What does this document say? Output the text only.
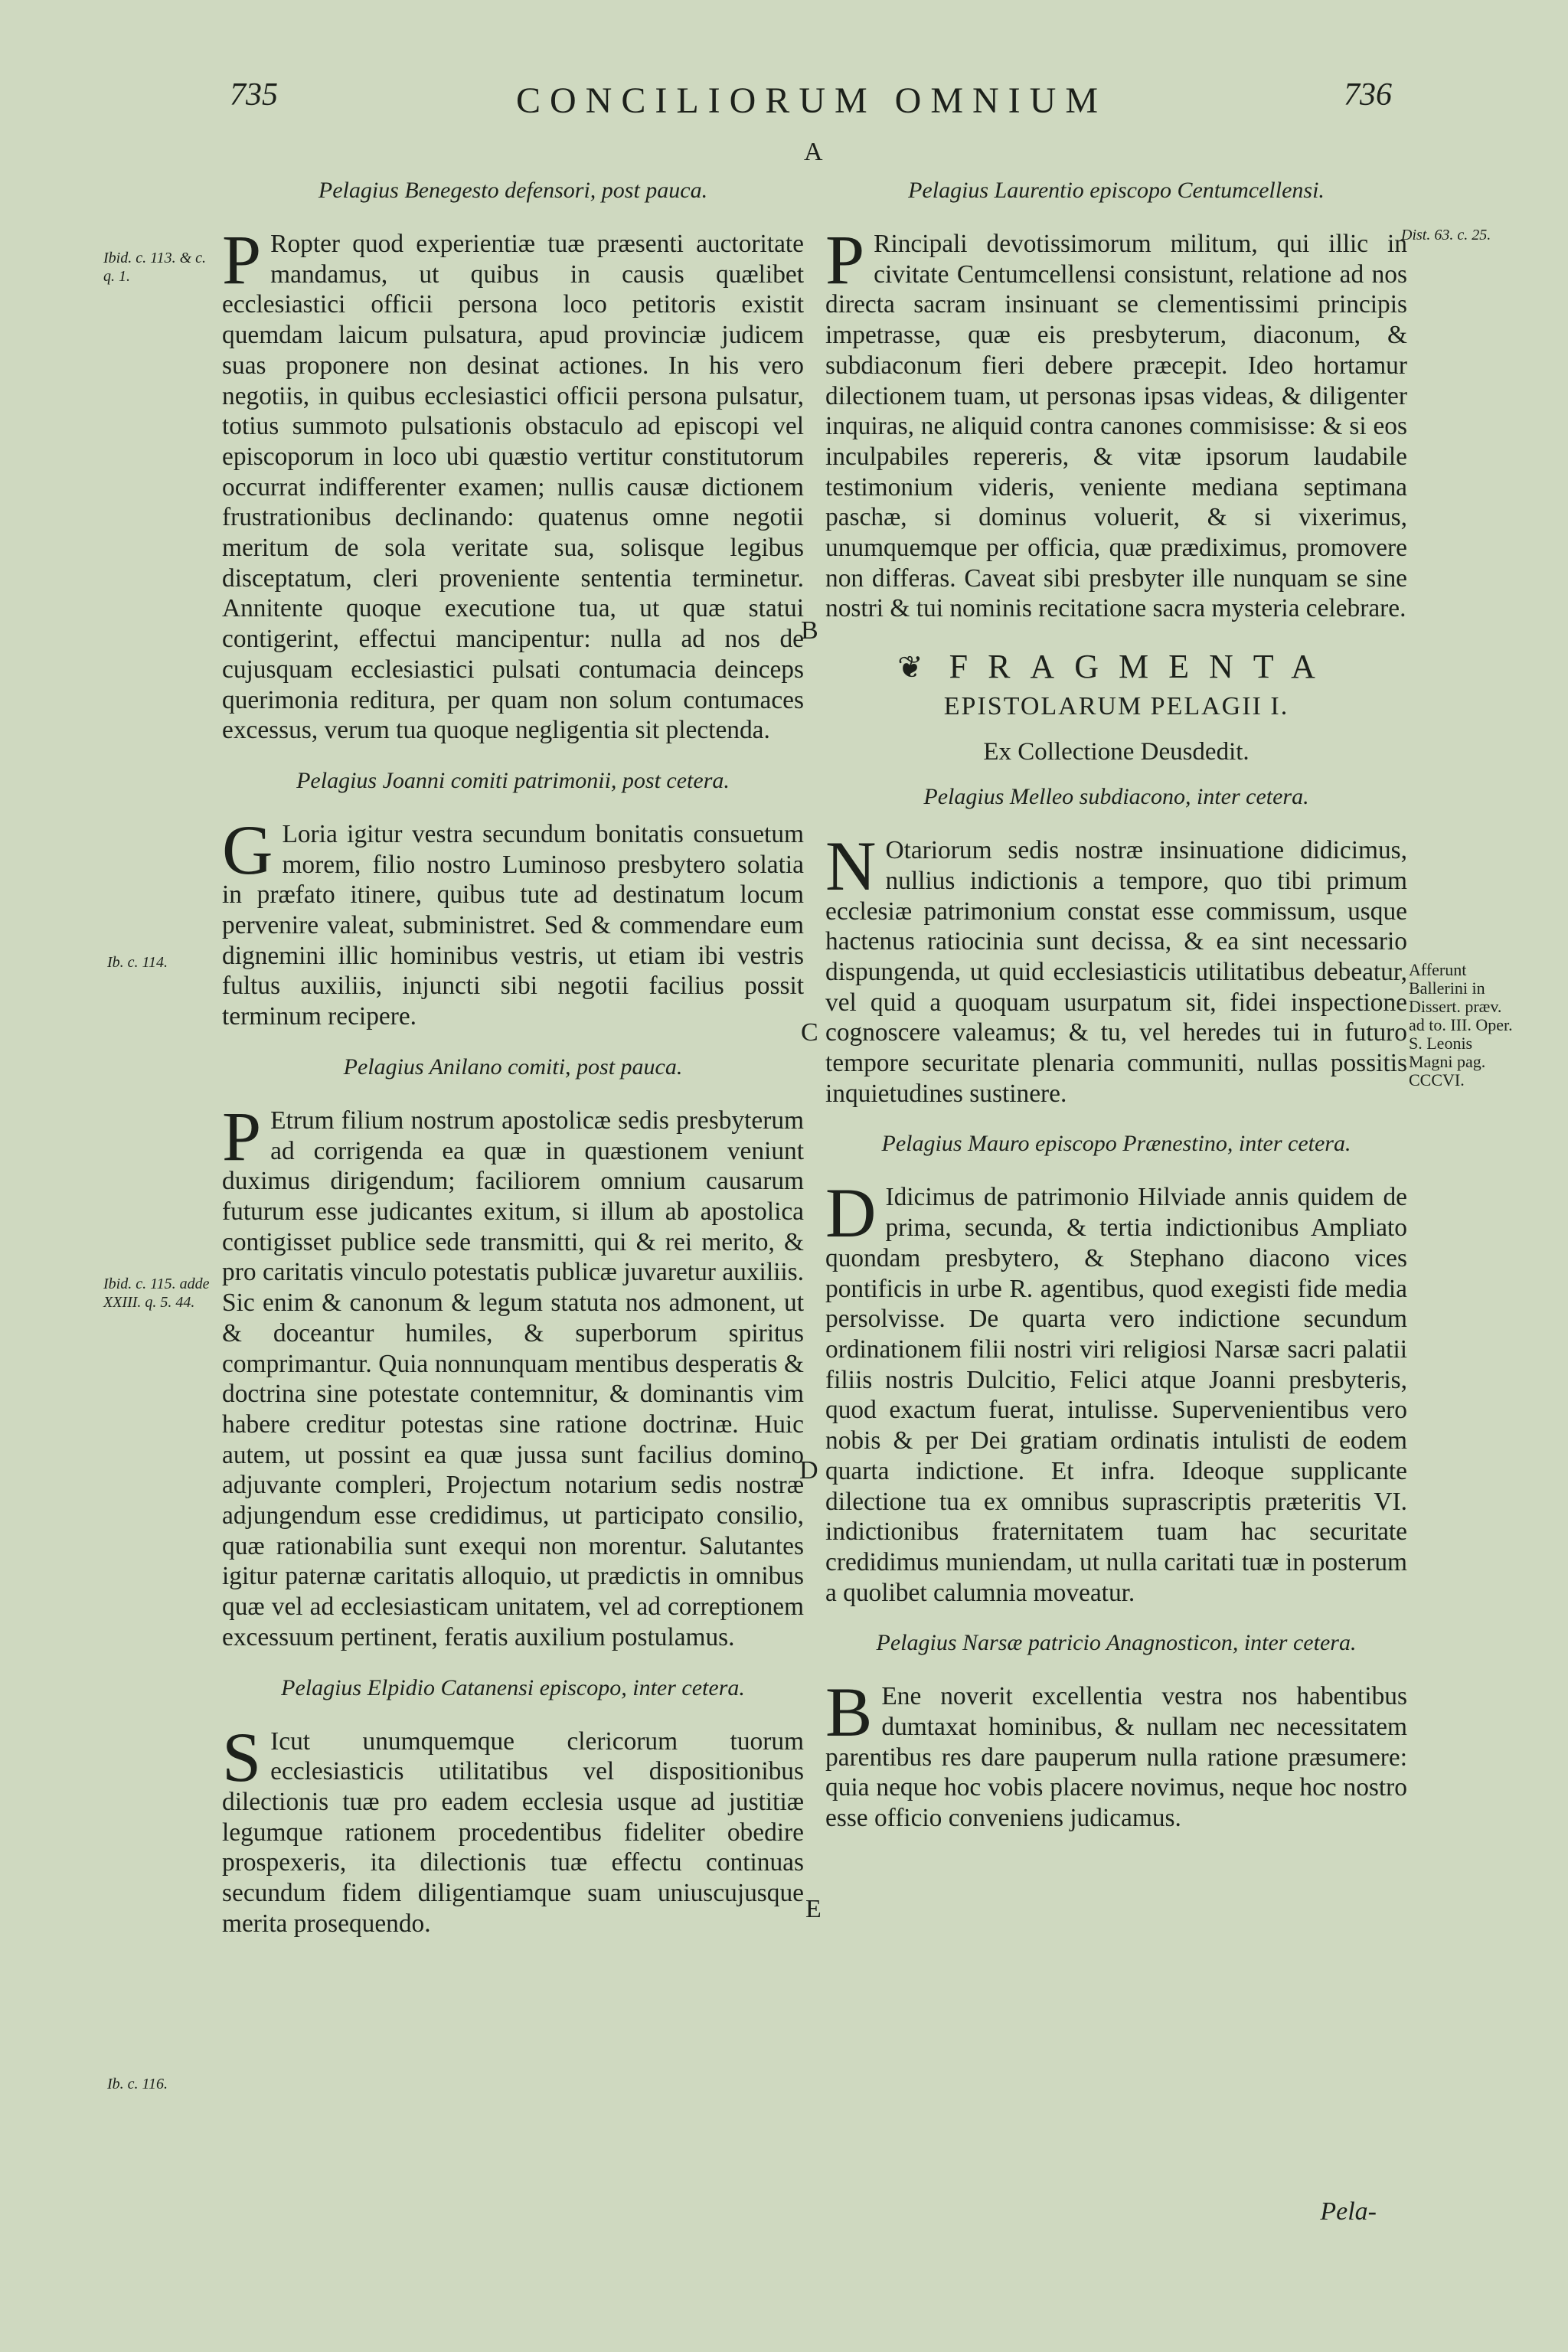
735	CONCILIORUM OMNIUM	736
A
B
C
D
E
Ibid. c. 113. & c. q. 1.
Ib. c. 114.
Ibid. c. 115. adde XXIII. q. 5. 44.
Ib. c. 116.
Dist. 63. c. 25.
Afferunt Ballerini in Dissert. præv. ad to. III. Oper. S. Leonis Magni pag. CCCVI.
Pelagius Benegesto defensori, post pauca.

P Ropter quod experientiæ tuæ præsenti auctoritate mandamus, ut quibus in causis quælibet ecclesiastici officii persona loco petitoris existit quemdam laicum pulsatura, apud provinciæ judicem suas proponere non desinat actiones. In his vero negotiis, in quibus ecclesiastici officii persona pulsatur, totius summoto pulsationis obstaculo ad episcopi vel episcoporum in loco ubi quæstio vertitur constitutorum occurrat indifferenter examen; nullis causæ dictionem frustrationibus declinando: quatenus omne negotii meritum de sola veritate sua, solisque legibus disceptatum, cleri proveniente sententia terminetur. Annitente quoque executione tua, ut quæ statui contigerint, effectui mancipentur: nulla ad nos de cujusquam ecclesiastici pulsati contumacia deinceps querimonia reditura, per quam non solum contumaces excessus, verum tua quoque negligentia sit plectenda.

Pelagius Joanni comiti patrimonii, post cetera.

G Loria igitur vestra secundum bonitatis consuetum morem, filio nostro Luminoso presbytero solatia in præfato itinere, quibus tute ad destinatum locum pervenire valeat, subministret. Sed & commendare eum dignemini illic hominibus vestris, ut etiam ibi vestris fultus auxiliis, injuncti sibi negotii facilius possit terminum recipere.

Pelagius Anilano comiti, post pauca.

P Etrum filium nostrum apostolicæ sedis presbyterum ad corrigenda ea quæ in quæstionem veniunt duximus dirigendum; faciliorem omnium causarum futurum esse judicantes exitum, si illum ab apostolica contigisset publice sede transmitti, qui & rei merito, & pro caritatis vinculo potestatis publicæ juvaretur auxiliis. Sic enim & canonum & legum statuta nos admonent, ut & doceantur humiles, & superborum spiritus comprimantur. Quia nonnunquam mentibus desperatis & doctrina sine potestate contemnitur, & dominantis vim habere creditur potestas sine ratione doctrinæ. Huic autem, ut possint ea quæ jussa sunt facilius domino adjuvante compleri, Projectum notarium sedis nostræ adjungendum esse credidimus, ut participato consilio, quæ rationabilia sunt exequi non morentur. Salutantes igitur paternæ caritatis alloquio, ut prædictis in omnibus quæ vel ad ecclesiasticam unitatem, vel ad correptionem excessuum pertinent, feratis auxilium postulamus.

Pelagius Elpidio Catanensi episcopo, inter cetera.

S Icut unumquemque clericorum tuorum ecclesiasticis utilitatibus vel dispositionibus dilectionis tuæ pro eadem ecclesia usque ad justitiæ legumque rationem procedentibus fideliter obedire prospexeris, ita dilectionis tuæ effectu continuas secundum fidem diligentiamque suam uniuscujusque merita prosequendo.

Pelagius Laurentio episcopo Centumcellensi.

P Rincipali devotissimorum militum, qui illic in civitate Centumcellensi consistunt, relatione ad nos directa sacram insinuant se clementissimi principis impetrasse, quæ eis presbyterum, diaconum, & subdiaconum fieri debere præcepit. Ideo hortamur dilectionem tuam, ut personas ipsas videas, & diligenter inquiras, ne aliquid contra canones commisisse: & si eos inculpabiles repereris, & vitæ ipsorum laudabile testimonium videris, veniente mediana septimana paschæ, si dominus voluerit, & si vixerimus, unumquemque per officia, quæ prædiximus, promovere non differas. Caveat sibi presbyter ille nunquam se sine nostri & tui nominis recitatione sacra mysteria celebrare.

❦ FRAGMENTA
EPISTOLARUM PELAGII I.
Ex Collectione Deusdedit.
Pelagius Melleo subdiacono, inter cetera.

N Otariorum sedis nostræ insinuatione didicimus, nullius indictionis a tempore, quo tibi primum ecclesiæ patrimonium constat esse commissum, usque hactenus ratiocinia sunt decissa, & ea sint necessario dispungenda, ut quid ecclesiasticis utilitatibus debeatur, vel quid a quoquam usurpatum sit, fidei inspectione cognoscere valeamus; & tu, vel heredes tui in futuro tempore securitate plenaria communiti, nullas possitis inquietudines sustinere.

Pelagius Mauro episcopo Prænestino, inter cetera.

D Idicimus de patrimonio Hilviade annis quidem de prima, secunda, & tertia indictionibus Ampliato quondam presbytero, & Stephano diacono vices pontificis in urbe R. agentibus, quod exegisti fide media persolvisse. De quarta vero indictione secundum ordinationem filii nostri viri religiosi Narsæ sacri palatii filiis nostris Dulcitio, Felici atque Joanni presbyteris, quod exactum fuerat, intulisse. Supervenientibus vero nobis & per Dei gratiam ordinatis intulisti de eodem quarta indictione. Et infra. Ideoque supplicante dilectione tua ex omnibus suprascriptis præteritis VI. indictionibus fraternitatem tuam hac securitate credidimus muniendam, ut nulla caritati tuæ in posterum a quolibet calumnia moveatur.

Pelagius Narsæ patricio Anagnosticon, inter cetera.

B Ene noverit excellentia vestra nos habentibus dumtaxat hominibus, & nullam nec necessitatem parentibus res dare pauperum nulla ratione præsumere: quia neque hoc vobis placere novimus, neque hoc nostro esse officio conveniens judicamus.

Pela-
